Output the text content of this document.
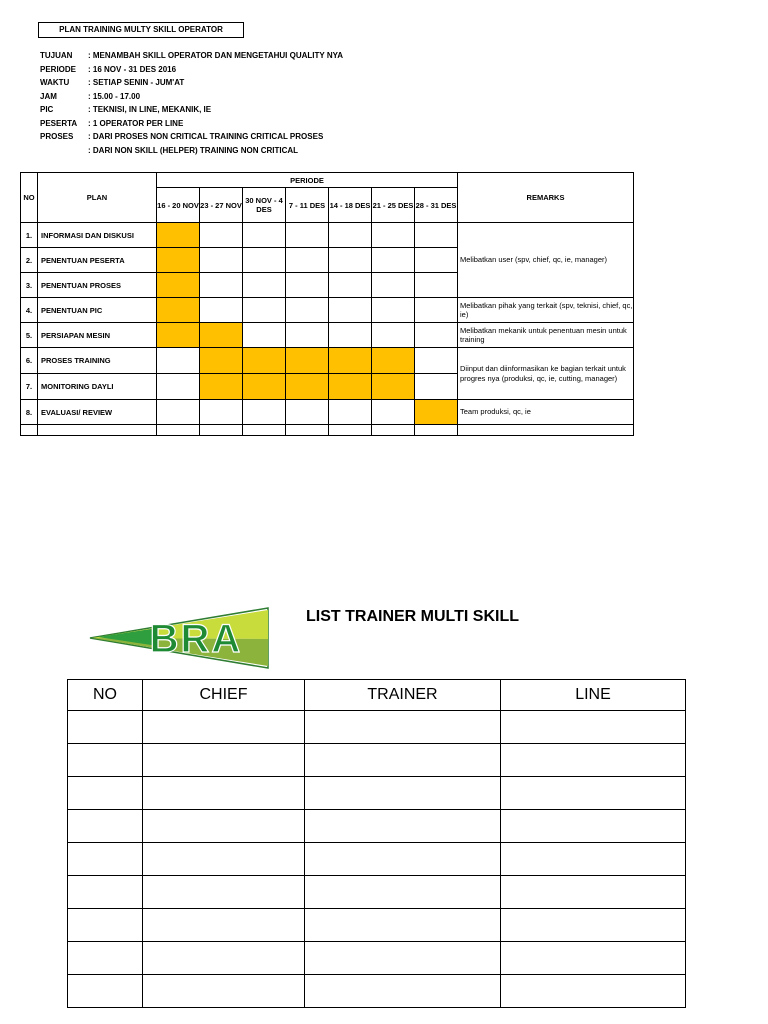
PLAN TRAINING MULTY SKILL OPERATOR
TUJUAN	: MENAMBAH SKILL OPERATOR DAN MENGETAHUI QUALITY NYA
PERIODE	: 16 NOV - 31 DES 2016
WAKTU	: SETIAP SENIN - JUM'AT
JAM	: 15.00 - 17.00
PIC	: TEKNISI, IN LINE, MEKANIK, IE
PESERTA	: 1 OPERATOR PER LINE
PROSES	: DARI PROSES NON CRITICAL TRAINING CRITICAL PROSES
: DARI NON SKILL (HELPER) TRAINING NON CRITICAL
NO	PLAN	PERIODE							REMARKS
		16 - 20 NOV	23 - 27 NOV	30 NOV - 4 DES	7 - 11 DES	14 - 18 DES	21 - 25 DES	28 - 31 DES	
1.	INFORMASI DAN DISKUSI								Melibatkan user (spv, chief, qc, ie, manager)
2.	PENENTUAN PESERTA								
3.	PENENTUAN PROSES								
4.	PENENTUAN PIC								Melibatkan pihak yang terkait (spv, teknisi, chief, qc, ie)
5.	PERSIAPAN MESIN								Melibatkan mekanik untuk penentuan mesin untuk training
6.	PROSES TRAINING								Diinput dan diinformasikan ke bagian terkait untuk progres nya (produksi, qc, ie, cutting, manager)
7.	MONITORING DAYLI								
8.	EVALUASI/ REVIEW								Team produksi, qc, ie

BRA
LIST TRAINER MULTI SKILL
NO	CHIEF	TRAINER	LINE
